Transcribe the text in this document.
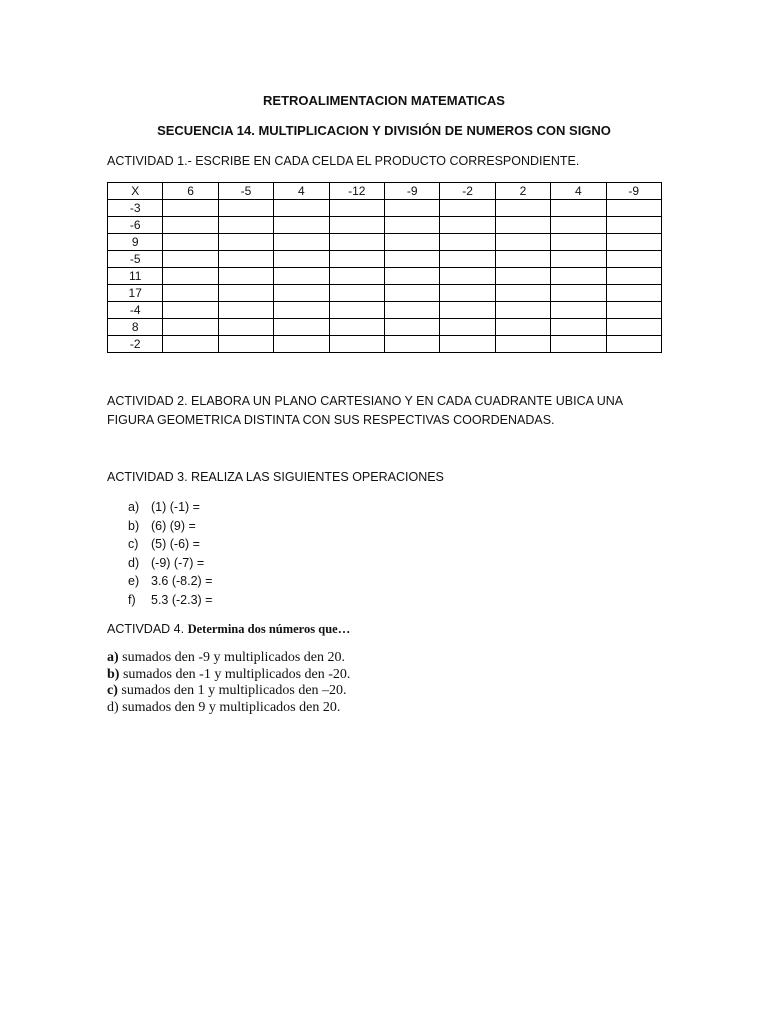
RETROALIMENTACION MATEMATICAS
SECUENCIA 14. MULTIPLICACION Y DIVISIÓN DE NUMEROS CON SIGNO
ACTIVIDAD 1.- ESCRIBE EN CADA CELDA EL PRODUCTO CORRESPONDIENTE.
X	6	-5	4	-12	-9	-2	2	4	-9
-3									
-6									
9									
-5									
11									
17									
-4									
8									
-2									
ACTIVIDAD 2. ELABORA UN PLANO CARTESIANO Y EN CADA CUADRANTE UBICA UNA FIGURA GEOMETRICA DISTINTA CON SUS RESPECTIVAS COORDENADAS.
ACTIVIDAD 3. REALIZA LAS SIGUIENTES OPERACIONES
a) (1) (-1) =
b) (6) (9) =
c)	(5) (-6) =
d) (-9) (-7) =
e) 3.6 (-8.2) =
f)	5.3 (-2.3) =
ACTIVDAD 4. Determina dos números que…
a) sumados den -9 y multiplicados den 20.
b) sumados den -1 y multiplicados den -20.
c) sumados den 1 y multiplicados den –20.
d) sumados den 9 y multiplicados den 20.
